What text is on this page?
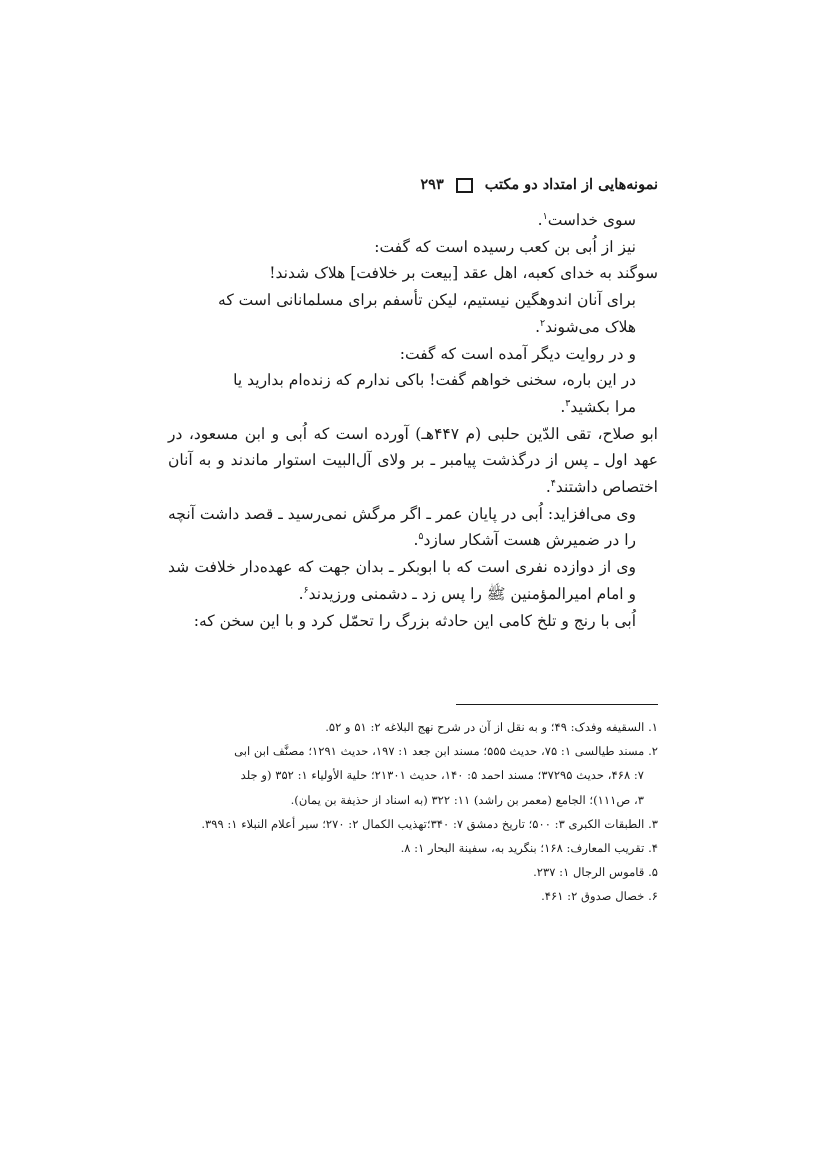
نمونه‌هایی از امتداد دو مکتب
۲۹۳

سوی خداست$^۱$.

نیز از اُبی بن کعب رسیده است که گفت:

سوگند به خدای کعبه، اهل عقد [بیعت بر خلافت] هلاک شدند!

برای آنان اندوهگین نیستیم، لیکن تأسفم برای مسلمانانی است که

هلاک می‌شوند$^۲$.

و در روایت دیگر آمده است که گفت:

در این باره، سخنی خواهم گفت! باکی ندارم که زنده‌ام بدارید یا

مرا بکشید$^۳$.

ابو صلاح، تقی الدّین حلبی (م ۴۴۷هـ) آورده است که اُبی و ابن مسعود، در عهد اول ـ پس از درگذشت پیامبر ـ بر ولای آل‌البیت استوار ماندند و به آنان اختصاص داشتند$^۴$.

وی می‌افزاید: اُبی در پایان عمر ـ اگر مرگش نمی‌رسید ـ قصد داشت آنچه را در ضمیرش هست آشکار سازد$^۵$.

وی از دوازده نفری است که با ابوبکر ـ بدان جهت که عهده‌دار خلافت شد و امام امیرالمؤمنین ﷺ را پس زد ـ دشمنی ورزیدند$^۶$.

اُبی با رنج و تلخ کامی این حادثه بزرگ را تحمّل کرد و با این سخن که:

۱. السقیفه وفدک: ۴۹؛ و به نقل از آن در شرح نهج البلاغه ۲: ۵۱ و ۵۲.

۲. مسند طیالسی ۱: ۷۵، حدیث ۵۵۵؛ مسند ابن جعد ۱: ۱۹۷، حدیث ۱۲۹۱؛ مصنَّف ابن ابی

۷: ۴۶۸، حدیث ۳۷۲۹۵؛ مسند احمد ۵: ۱۴۰، حدیث ۲۱۳۰۱؛ حلیة الأولیاء ۱: ۳۵۲ (و جلد

۳، ص۱۱۱)؛ الجامع (معمر بن راشد) ۱۱: ۳۲۲ (به اسناد از حذیفة بن یمان).

۳. الطبقات الکبری ۳: ۵۰۰؛ تاریخ دمشق ۷: ۳۴۰؛تهذیب الکمال ۲: ۲۷۰؛ سیر أعلام النبلاء ۱: ۳۹۹.

۴. تقریب المعارف: ۱۶۸؛ بنگرید به، سفینة البحار ۱: ۸.

۵. قاموس الرجال ۱: ۲۳۷.

۶. خصال صدوق ۲: ۴۶۱.
